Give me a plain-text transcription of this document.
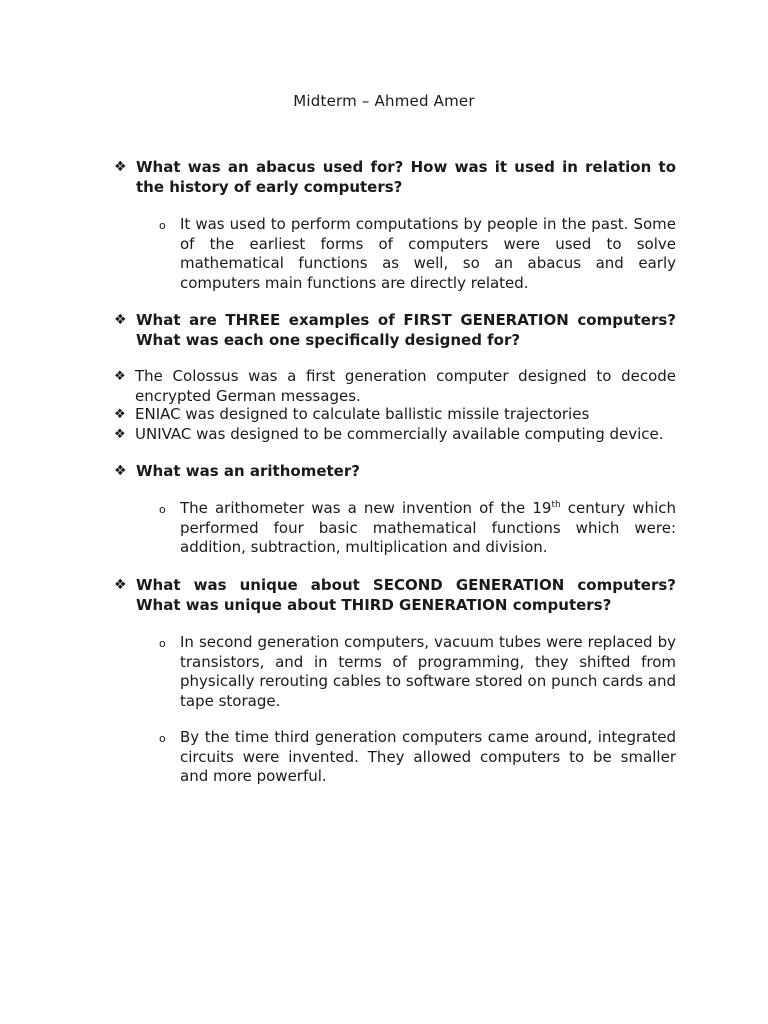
Midterm – Ahmed Amer
❖ What was an abacus used for? How was it used in relation to the history of early computers?
o It was used to perform computations by people in the past. Some of the earliest forms of computers were used to solve mathematical functions as well, so an abacus and early computers main functions are directly related.
❖ What are THREE examples of FIRST GENERATION computers? What was each one specifically designed for?
❖ The Colossus was a first generation computer designed to decode encrypted German messages.
❖ ENIAC was designed to calculate ballistic missile trajectories
❖ UNIVAC was designed to be commercially available computing device.
❖ What was an arithometer?
o The arithometer was a new invention of the 19th century which performed four basic mathematical functions which were: addition, subtraction, multiplication and division.
❖ What was unique about SECOND GENERATION computers? What was unique about THIRD GENERATION computers?
o In second generation computers, vacuum tubes were replaced by transistors, and in terms of programming, they shifted from physically rerouting cables to software stored on punch cards and tape storage.
o By the time third generation computers came around, integrated circuits were invented. They allowed computers to be smaller and more powerful.
